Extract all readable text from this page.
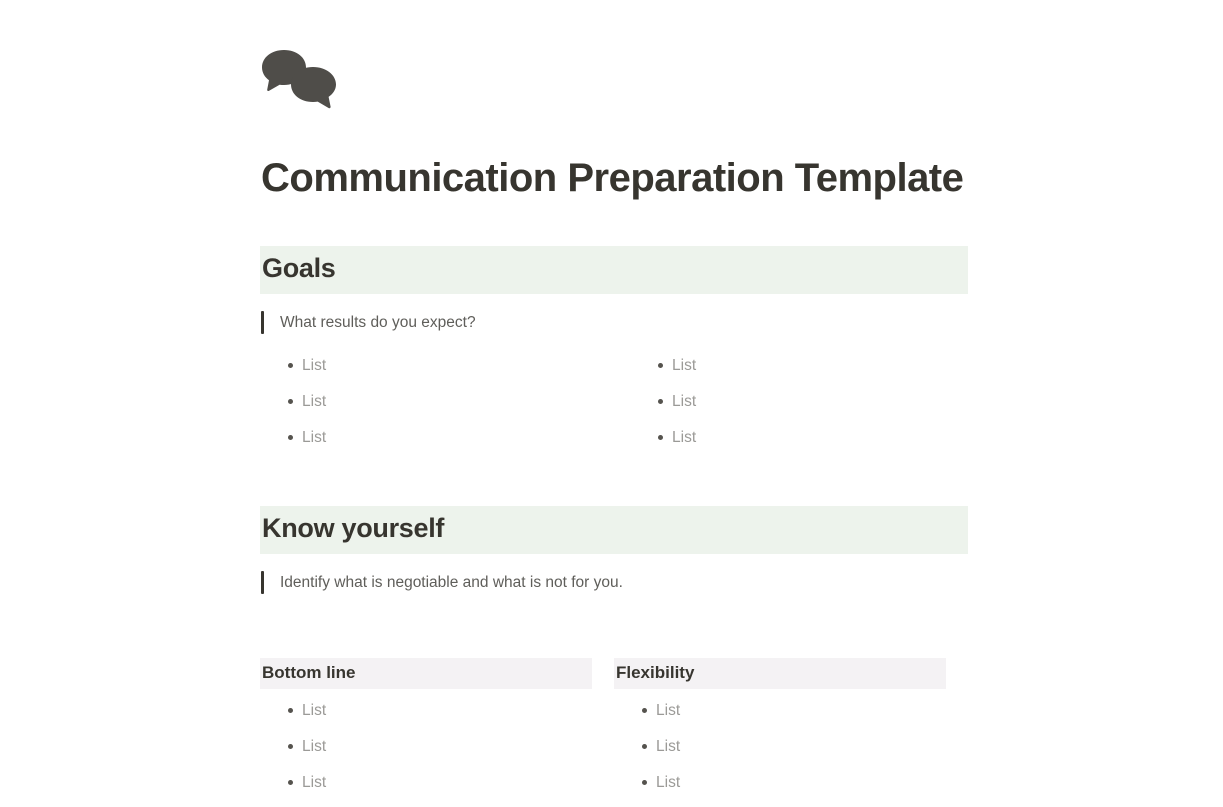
Communication Preparation Template
Goals
What results do you expect?
List
List
List
List
List
List
Know yourself
Identify what is negotiable and what is not for you.
Bottom line
List
List
List
Flexibility
List
List
List
